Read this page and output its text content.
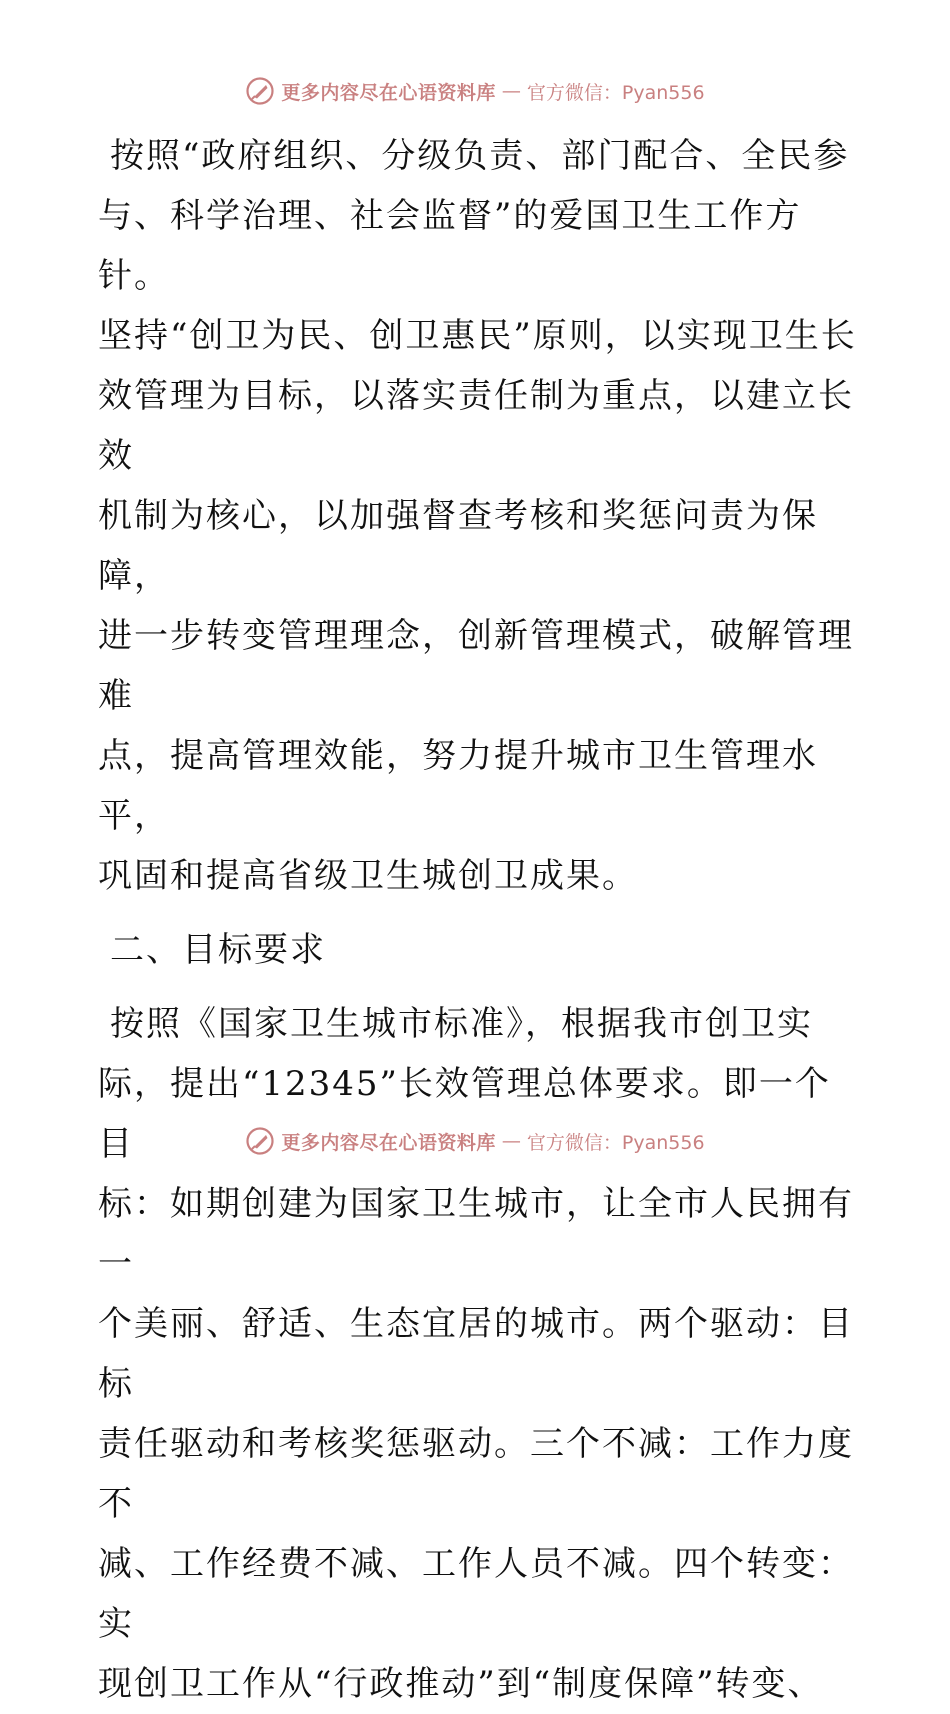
更多内容尽在心语资料库 — 官方微信：Pyan556

按照“政府组织、分级负责、部门配合、全民参

与、科学治理、社会监督”的爱国卫生工作方针。

坚持“创卫为民、创卫惠民”原则，以实现卫生长

效管理为目标，以落实责任制为重点，以建立长效

机制为核心，以加强督查考核和奖惩问责为保障，

进一步转变管理理念，创新管理模式，破解管理难

点，提高管理效能，努力提升城市卫生管理水平，

巩固和提高省级卫生城创卫成果。

二、目标要求

按照《国家卫生城市标准》，根据我市创卫实

际，提出“12345”长效管理总体要求。即一个目

标：如期创建为国家卫生城市，让全市人民拥有一

个美丽、舒适、生态宜居的城市。两个驱动：目标

责任驱动和考核奖惩驱动。三个不减：工作力度不

减、工作经费不减、工作人员不减。四个转变：实

现创卫工作从“行政推动”到“制度保障”转变、

更多内容尽在心语资料库 — 官方微信：Pyan556
